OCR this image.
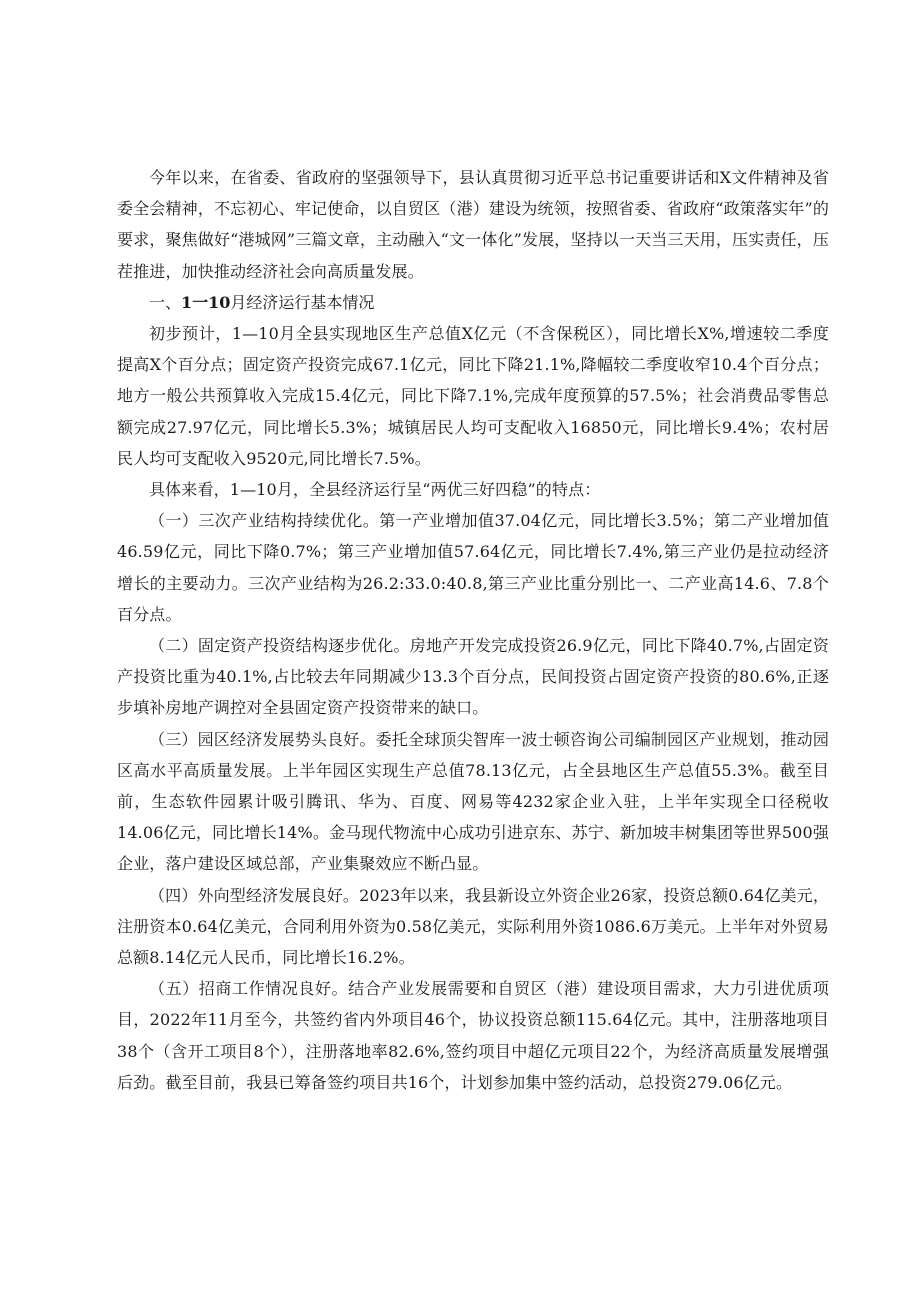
今年以来，在省委、省政府的坚强领导下，县认真贯彻习近平总书记重要讲话和X文件精神及省委全会精神，不忘初心、牢记使命，以自贸区（港）建设为统领，按照省委、省政府“政策落实年”的要求，聚焦做好“港城网”三篇文章，主动融入“文一体化”发展，坚持以一天当三天用，压实责任，压茬推进，加快推动经济社会向高质量发展。

一、1一10月经济运行基本情况

初步预计，1—10月全县实现地区生产总值X亿元（不含保税区），同比增长X%,增速较二季度提高X个百分点；固定资产投资完成67.1亿元，同比下降21.1%,降幅较二季度收窄10.4个百分点；地方一般公共预算收入完成15.4亿元，同比下降7.1%,完成年度预算的57.5%；社会消费品零售总额完成27.97亿元，同比增长5.3%；城镇居民人均可支配收入16850元，同比增长9.4%；农村居民人均可支配收入9520元,同比增长7.5%。

具体来看，1—10月，全县经济运行呈“两优三好四稳”的特点：

（一）三次产业结构持续优化。第一产业增加值37.04亿元，同比增长3.5%；第二产业增加值46.59亿元，同比下降0.7%；第三产业增加值57.64亿元，同比增长7.4%,第三产业仍是拉动经济增长的主要动力。三次产业结构为26.2:33.0:40.8,第三产业比重分别比一、二产业高14.6、7.8个百分点。

（二）固定资产投资结构逐步优化。房地产开发完成投资26.9亿元，同比下降40.7%,占固定资产投资比重为40.1%,占比较去年同期减少13.3个百分点，民间投资占固定资产投资的80.6%,正逐步填补房地产调控对全县固定资产投资带来的缺口。

（三）园区经济发展势头良好。委托全球顶尖智库一波士顿咨询公司编制园区产业规划，推动园区高水平高质量发展。上半年园区实现生产总值78.13亿元，占全县地区生产总值55.3%。截至目前，生态软件园累计吸引腾讯、华为、百度、网易等4232家企业入驻，上半年实现全口径税收14.06亿元，同比增长14%。金马现代物流中心成功引进京东、苏宁、新加坡丰树集团等世界500强企业，落户建设区域总部，产业集聚效应不断凸显。

（四）外向型经济发展良好。2023年以来，我县新设立外资企业26家，投资总额0.64亿美元，注册资本0.64亿美元，合同利用外资为0.58亿美元，实际利用外资1086.6万美元。上半年对外贸易总额8.14亿元人民币，同比增长16.2%。

（五）招商工作情况良好。结合产业发展需要和自贸区（港）建设项目需求，大力引进优质项目，2022年11月至今，共签约省内外项目46个，协议投资总额115.64亿元。其中，注册落地项目38个（含开工项目8个），注册落地率82.6%,签约项目中超亿元项目22个，为经济高质量发展增强后劲。截至目前，我县已筹备签约项目共16个，计划参加集中签约活动，总投资279.06亿元。
